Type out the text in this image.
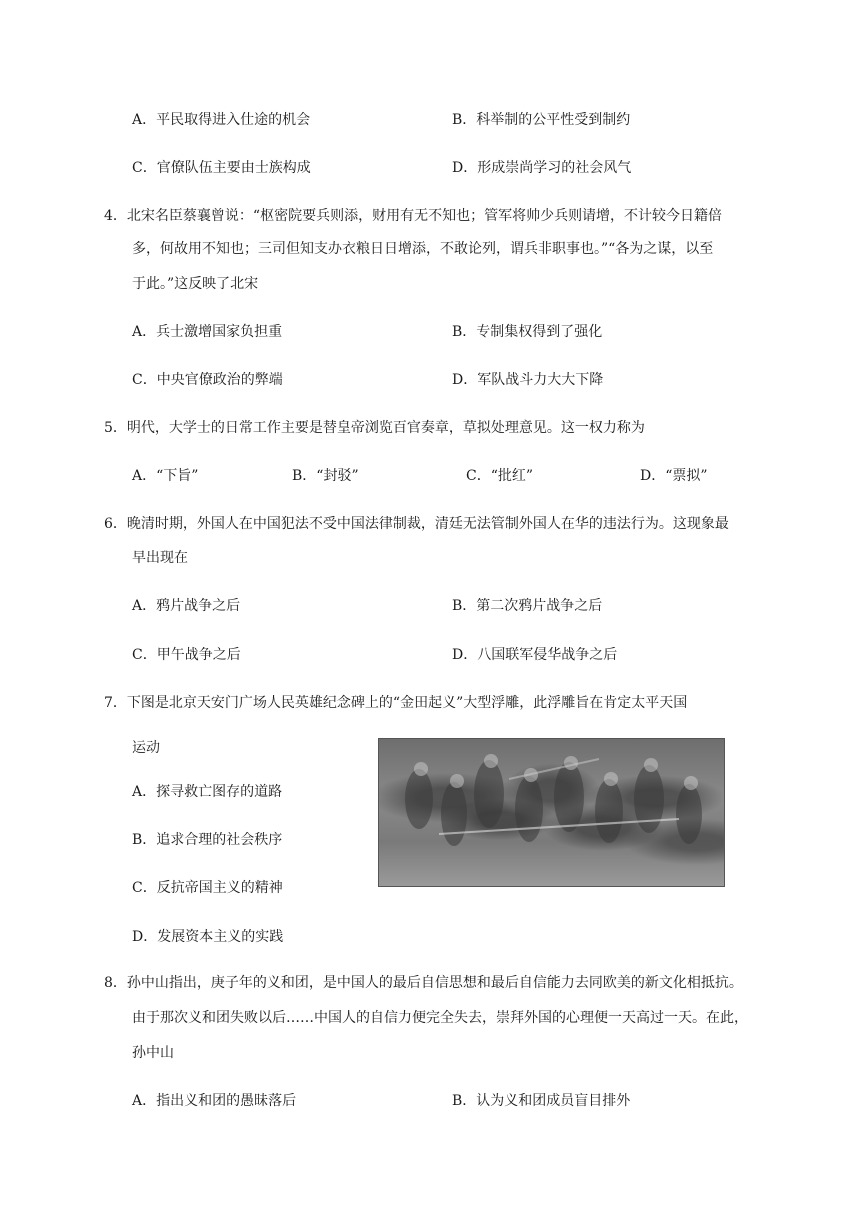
A．平民取得进入仕途的机会	B．科举制的公平性受到制约
C．官僚队伍主要由士族构成	D．形成崇尚学习的社会风气
4．北宋名臣蔡襄曾说：“枢密院要兵则添，财用有无不知也；管军将帅少兵则请增，不计较今日籍倍
多，何故用不知也；三司但知支办衣粮日日增添，不敢论列，谓兵非职事也。”“各为之谋，以至
于此。”这反映了北宋
A．兵士激增国家负担重	B．专制集权得到了强化
C．中央官僚政治的弊端	D．军队战斗力大大下降
5．明代，大学士的日常工作主要是替皇帝浏览百官奏章，草拟处理意见。这一权力称为
A．“下旨”	B．“封驳”	C．“批红”	D．“票拟”
6．晚清时期，外国人在中国犯法不受中国法律制裁，清廷无法管制外国人在华的违法行为。这现象最
早出现在
A．鸦片战争之后	B．第二次鸦片战争之后
C．甲午战争之后	D．八国联军侵华战争之后
7．下图是北京天安门广场人民英雄纪念碑上的“金田起义”大型浮雕，此浮雕旨在肯定太平天国
运动
A．探寻救亡图存的道路
B．追求合理的社会秩序
C．反抗帝国主义的精神
D．发展资本主义的实践
8．孙中山指出，庚子年的义和团，是中国人的最后自信思想和最后自信能力去同欧美的新文化相抵抗。
由于那次义和团失败以后……中国人的自信力便完全失去，崇拜外国的心理便一天高过一天。在此，
孙中山
A．指出义和团的愚昧落后	B．认为义和团成员盲目排外
